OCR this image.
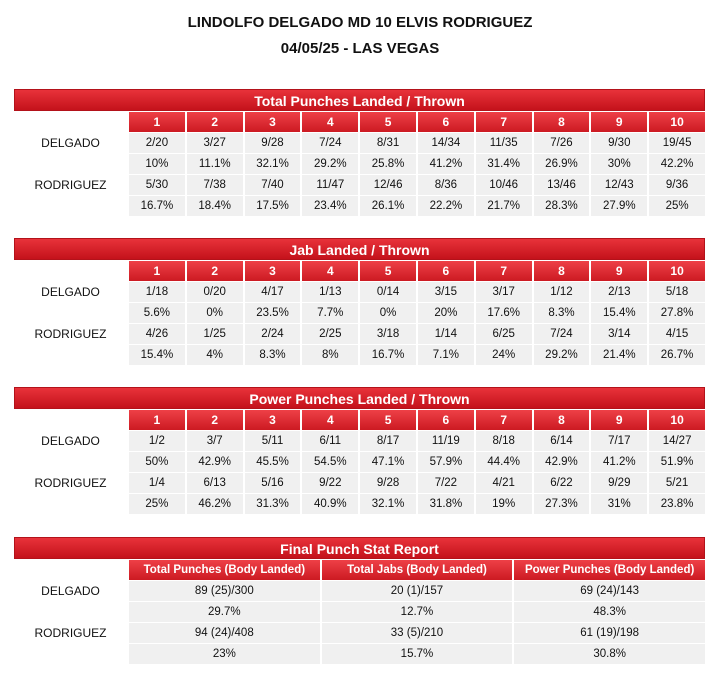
LINDOLFO DELGADO MD 10 ELVIS RODRIGUEZ
04/05/25 - LAS VEGAS
Total Punches Landed / Thrown
	1	2	3	4	5	6	7	8	9	10
DELGADO	2/20	3/27	9/28	7/24	8/31	14/34	11/35	7/26	9/30	19/45
	10%	11.1%	32.1%	29.2%	25.8%	41.2%	31.4%	26.9%	30%	42.2%
RODRIGUEZ	5/30	7/38	7/40	11/47	12/46	8/36	10/46	13/46	12/43	9/36
	16.7%	18.4%	17.5%	23.4%	26.1%	22.2%	21.7%	28.3%	27.9%	25%
Jab Landed / Thrown
	1	2	3	4	5	6	7	8	9	10
DELGADO	1/18	0/20	4/17	1/13	0/14	3/15	3/17	1/12	2/13	5/18
	5.6%	0%	23.5%	7.7%	0%	20%	17.6%	8.3%	15.4%	27.8%
RODRIGUEZ	4/26	1/25	2/24	2/25	3/18	1/14	6/25	7/24	3/14	4/15
	15.4%	4%	8.3%	8%	16.7%	7.1%	24%	29.2%	21.4%	26.7%
Power Punches Landed / Thrown
	1	2	3	4	5	6	7	8	9	10
DELGADO	1/2	3/7	5/11	6/11	8/17	11/19	8/18	6/14	7/17	14/27
	50%	42.9%	45.5%	54.5%	47.1%	57.9%	44.4%	42.9%	41.2%	51.9%
RODRIGUEZ	1/4	6/13	5/16	9/22	9/28	7/22	4/21	6/22	9/29	5/21
	25%	46.2%	31.3%	40.9%	32.1%	31.8%	19%	27.3%	31%	23.8%
Final Punch Stat Report
	Total Punches (Body Landed)	Total Jabs (Body Landed)	Power Punches (Body Landed)
DELGADO	89 (25)/300	20 (1)/157	69 (24)/143
	29.7%	12.7%	48.3%
RODRIGUEZ	94 (24)/408	33 (5)/210	61 (19)/198
	23%	15.7%	30.8%
